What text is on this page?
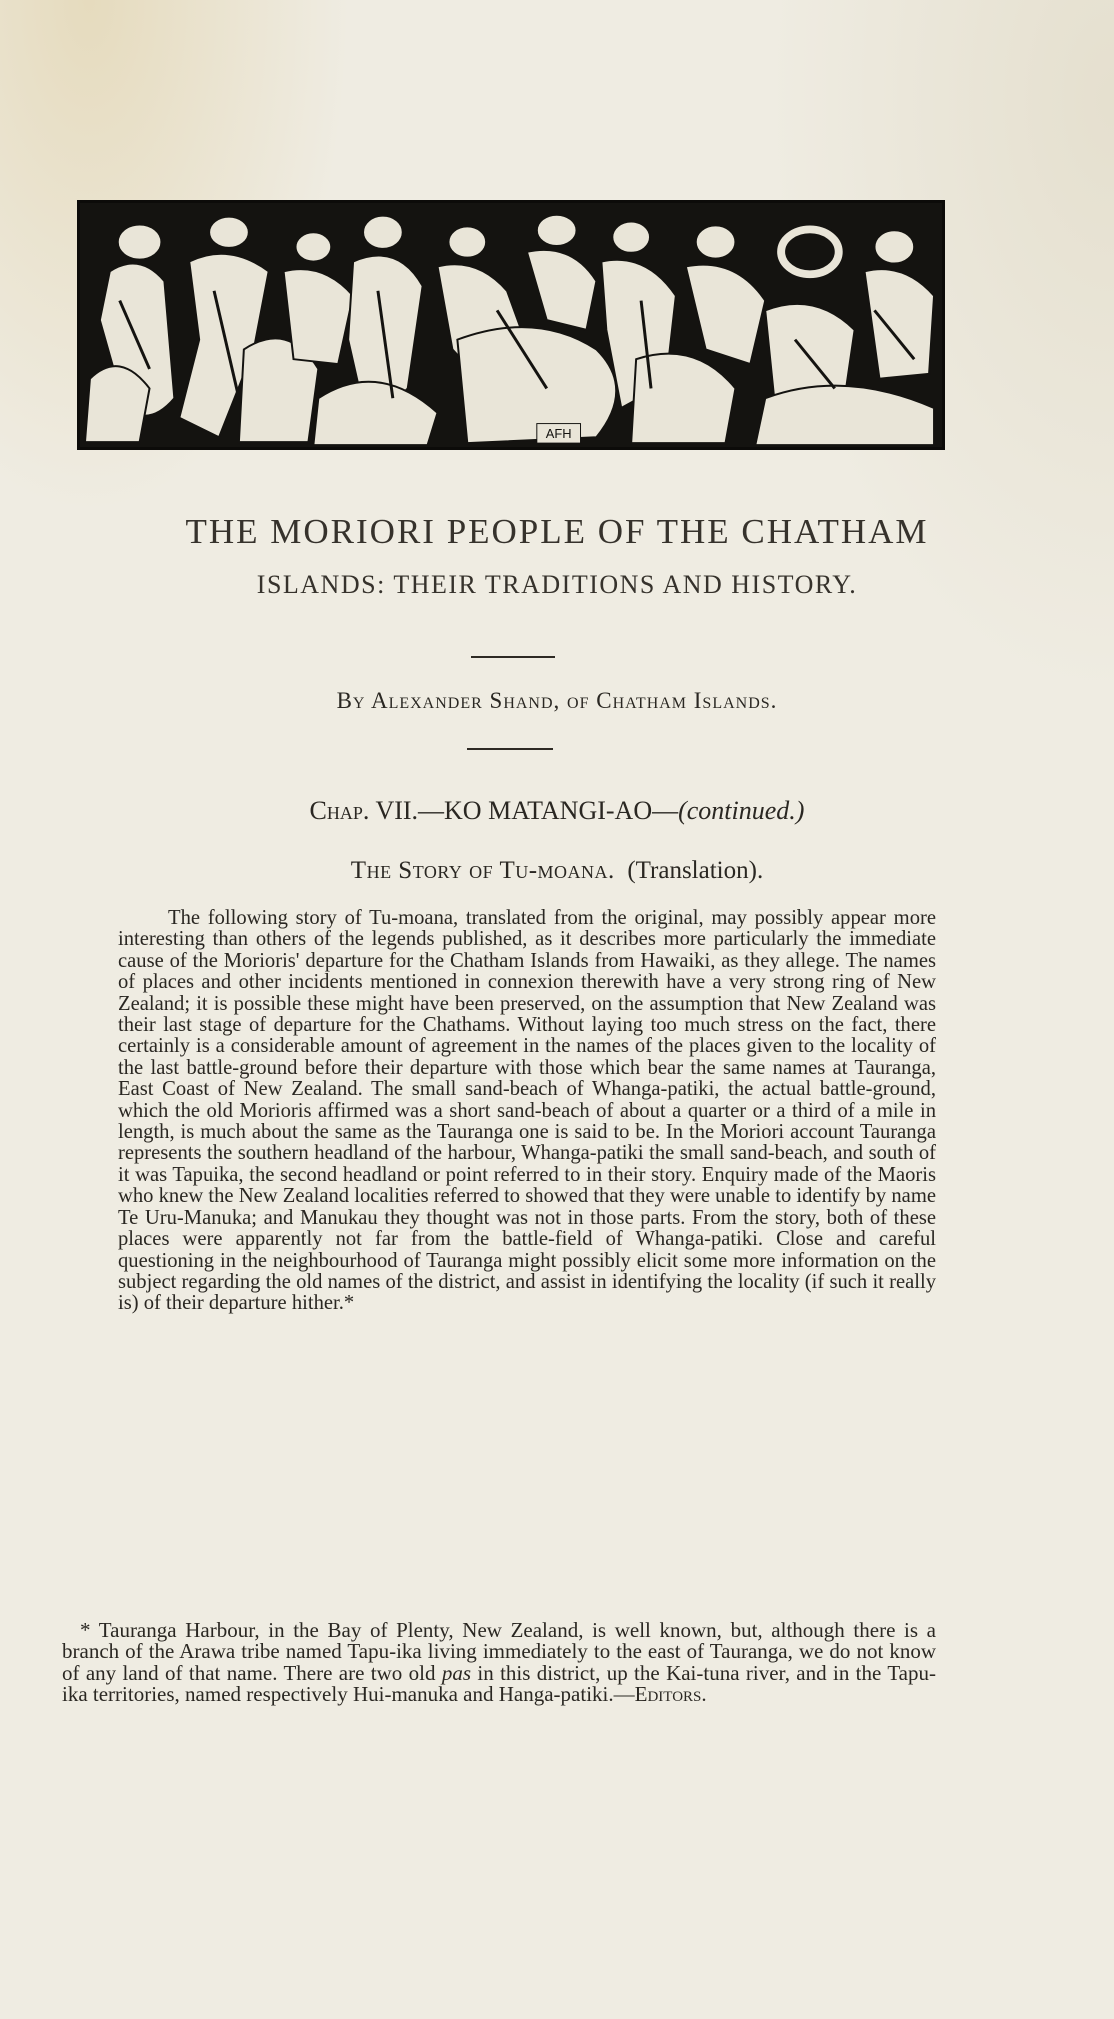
AFH
THE MORIORI PEOPLE OF THE CHATHAM
ISLANDS: THEIR TRADITIONS AND HISTORY.
By Alexander Shand, of Chatham Islands.
Chap. VII.—KO MATANGI-AO—(continued.)
The Story of Tu-moana. (Translation).

The following story of Tu-moana, translated from the original, may possibly appear more interesting than others of the legends published, as it describes more particularly the immediate cause of the Morioris' departure for the Chatham Islands from Hawaiki, as they allege. The names of places and other incidents mentioned in connexion therewith have a very strong ring of New Zealand; it is possible these might have been preserved, on the assumption that New Zealand was their last stage of departure for the Chathams. Without laying too much stress on the fact, there certainly is a considerable amount of agreement in the names of the places given to the locality of the last battle-ground before their departure with those which bear the same names at Tauranga, East Coast of New Zealand. The small sand-beach of Whanga-patiki, the actual battle-ground, which the old Morioris affirmed was a short sand-beach of about a quarter or a third of a mile in length, is much about the same as the Tauranga one is said to be. In the Moriori account Tauranga represents the southern headland of the harbour, Whanga-patiki the small sand-beach, and south of it was Tapuika, the second headland or point referred to in their story. Enquiry made of the Maoris who knew the New Zealand localities referred to showed that they were unable to identify by name Te Uru-Manuka; and Manukau they thought was not in those parts. From the story, both of these places were apparently not far from the battle-field of Whanga-patiki. Close and careful questioning in the neighbourhood of Tauranga might possibly elicit some more information on the subject regarding the old names of the district, and assist in identifying the locality (if such it really is) of their departure hither.*

* Tauranga Harbour, in the Bay of Plenty, New Zealand, is well known, but, although there is a branch of the Arawa tribe named Tapu-ika living immediately to the east of Tauranga, we do not know of any land of that name. There are two old pas in this district, up the Kai-tuna river, and in the Tapu-ika territories, named respectively Hui-manuka and Hanga-patiki.—Editors.
